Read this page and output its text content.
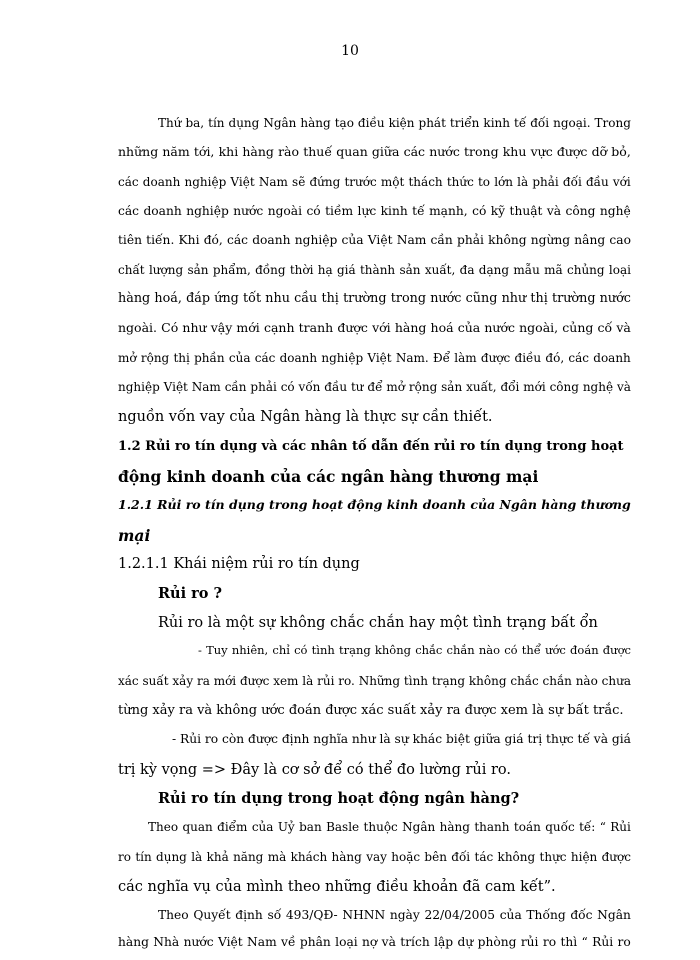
10
Thứ ba, tín dụng Ngân hàng tạo điều kiện phát triển kinh tế đối ngoại. Trong
những năm tới, khi hàng rào thuế quan giữa các nước trong khu vực được dỡ bỏ,
các doanh nghiệp Việt Nam sẽ đứng trước một thách thức to lớn là phải đối đầu với
các doanh nghiệp nước ngoài có tiềm lực kinh tế mạnh, có kỹ thuật và công nghệ
tiên tiến. Khi đó, các doanh nghiệp của Việt Nam cần phải không ngừng nâng cao
chất lượng sản phẩm, đồng thời hạ giá thành sản xuất, đa dạng mẫu mã chủng loại
hàng hoá, đáp ứng tốt nhu cầu thị trường trong nước cũng như thị trường nước
ngoài. Có như vậy mới cạnh tranh được với hàng hoá của nước ngoài, củng cố và
mở rộng thị phần của các doanh nghiệp Việt Nam. Để làm được điều đó, các doanh
nghiệp Việt Nam cần phải có vốn đầu tư để mở rộng sản xuất, đổi mới công nghệ và
nguồn vốn vay của Ngân hàng là thực sự cần thiết.
1.2 Rủi ro tín dụng và các nhân tố dẫn đến rủi ro tín dụng trong hoạt
động kinh doanh của các ngân hàng thương mại
1.2.1 Rủi ro tín dụng trong hoạt động kinh doanh của Ngân hàng thương
mại
1.2.1.1 Khái niệm rủi ro tín dụng
Rủi ro ?
Rủi ro là một sự không chắc chắn hay một tình trạng bất ổn
- Tuy nhiên, chỉ có tình trạng không chắc chắn nào có thể ước đoán được
xác suất xảy ra mới được xem là rủi ro. Những tình trạng không chắc chắn nào chưa
từng xảy ra và không ước đoán được xác suất xảy ra được xem là sự bất trắc.
- Rủi ro còn được định nghĩa như là sự khác biệt giữa giá trị thực tế và giá
trị kỳ vọng => Đây là cơ sở để có thể đo lường rủi ro.
Rủi ro tín dụng trong hoạt động ngân hàng?
Theo quan điểm của Uỷ ban Basle thuộc Ngân hàng thanh toán quốc tế: “ Rủi
ro tín dụng là khả năng mà khách hàng vay hoặc bên đối tác không thực hiện được
các nghĩa vụ của mình theo những điều khoản đã cam kết”.
Theo Quyết định số 493/QĐ- NHNN ngày 22/04/2005 của Thống đốc Ngân
hàng Nhà nước Việt Nam về phân loại nợ và trích lập dự phòng rủi ro thì “ Rủi ro
